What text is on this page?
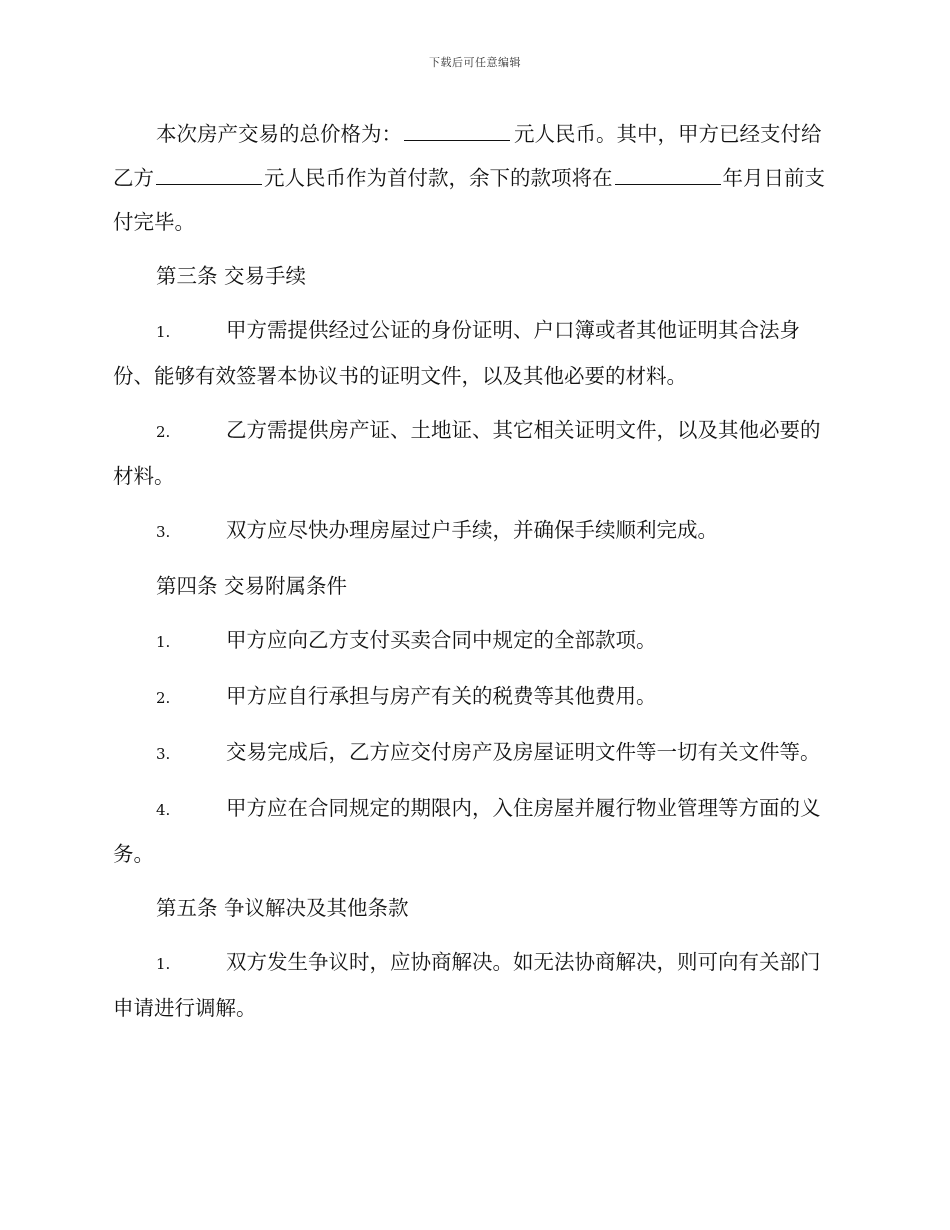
下载后可任意编辑

本次房产交易的总价格为：	元人民币。其中，甲方已经支付给乙方	元人民币作为首付款，余下的款项将在	年月日前支付完毕。

第三条 交易手续

1.	甲方需提供经过公证的身份证明、户口簿或者其他证明其合法身份、能够有效签署本协议书的证明文件，以及其他必要的材料。

2.	乙方需提供房产证、土地证、其它相关证明文件，以及其他必要的材料。

3.	双方应尽快办理房屋过户手续，并确保手续顺利完成。

第四条 交易附属条件

1.	甲方应向乙方支付买卖合同中规定的全部款项。

2.	甲方应自行承担与房产有关的税费等其他费用。

3.	交易完成后，乙方应交付房产及房屋证明文件等一切有关文件等。

4.	甲方应在合同规定的期限内，入住房屋并履行物业管理等方面的义务。

第五条 争议解决及其他条款

1.	双方发生争议时，应协商解决。如无法协商解决，则可向有关部门申请进行调解。
